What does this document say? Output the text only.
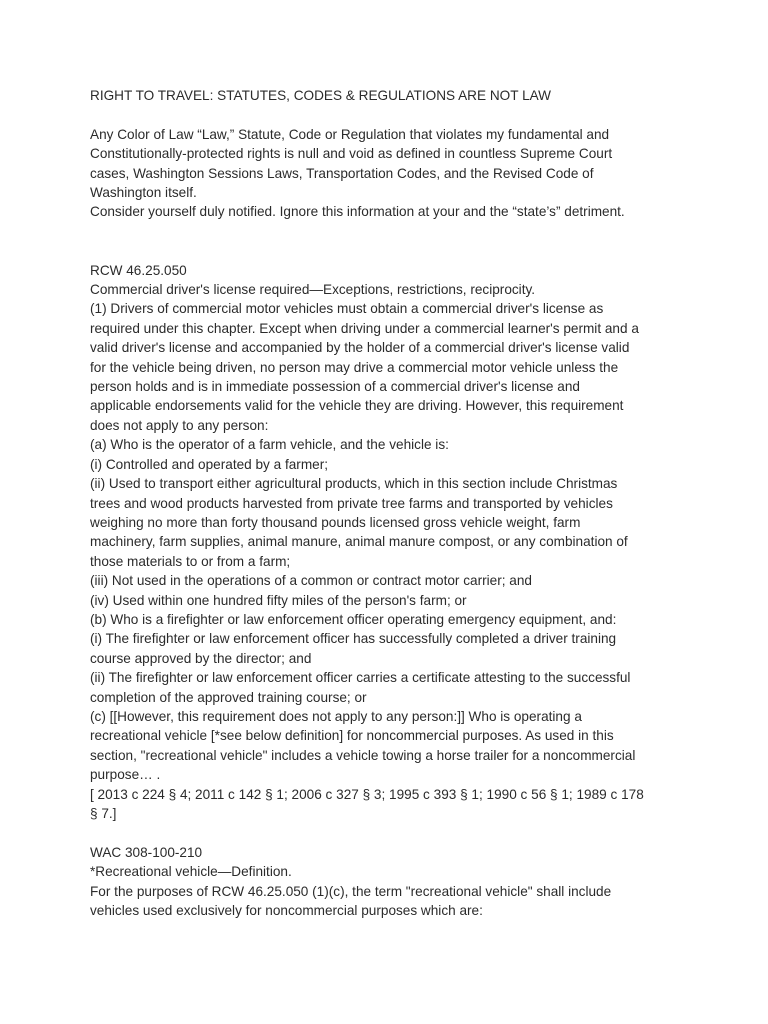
RIGHT TO TRAVEL: STATUTES, CODES & REGULATIONS ARE NOT LAW
Any Color of Law “Law,” Statute, Code or Regulation that violates my fundamental and
Constitutionally-protected rights is null and void as defined in countless Supreme Court
cases, Washington Sessions Laws, Transportation Codes, and the Revised Code of
Washington itself.
Consider yourself duly notified. Ignore this information at your and the “state’s” detriment.
RCW 46.25.050
Commercial driver's license required—Exceptions, restrictions, reciprocity.
(1) Drivers of commercial motor vehicles must obtain a commercial driver's license as
required under this chapter. Except when driving under a commercial learner's permit and a
valid driver's license and accompanied by the holder of a commercial driver's license valid
for the vehicle being driven, no person may drive a commercial motor vehicle unless the
person holds and is in immediate possession of a commercial driver's license and
applicable endorsements valid for the vehicle they are driving. However, this requirement
does not apply to any person:
(a) Who is the operator of a farm vehicle, and the vehicle is:
(i) Controlled and operated by a farmer;
(ii) Used to transport either agricultural products, which in this section include Christmas
trees and wood products harvested from private tree farms and transported by vehicles
weighing no more than forty thousand pounds licensed gross vehicle weight, farm
machinery, farm supplies, animal manure, animal manure compost, or any combination of
those materials to or from a farm;
(iii) Not used in the operations of a common or contract motor carrier; and
(iv) Used within one hundred fifty miles of the person's farm; or
(b) Who is a firefighter or law enforcement officer operating emergency equipment, and:
(i) The firefighter or law enforcement officer has successfully completed a driver training
course approved by the director; and
(ii) The firefighter or law enforcement officer carries a certificate attesting to the successful
completion of the approved training course; or
(c) [[However, this requirement does not apply to any person:]] Who is operating a
recreational vehicle [*see below definition] for noncommercial purposes. As used in this
section, "recreational vehicle" includes a vehicle towing a horse trailer for a noncommercial
purpose… .
[ 2013 c 224 § 4; 2011 c 142 § 1; 2006 c 327 § 3; 1995 c 393 § 1; 1990 c 56 § 1; 1989 c 178
§ 7.]
WAC 308-100-210
*Recreational vehicle—Definition.
For the purposes of RCW 46.25.050 (1)(c), the term "recreational vehicle" shall include
vehicles used exclusively for noncommercial purposes which are:
